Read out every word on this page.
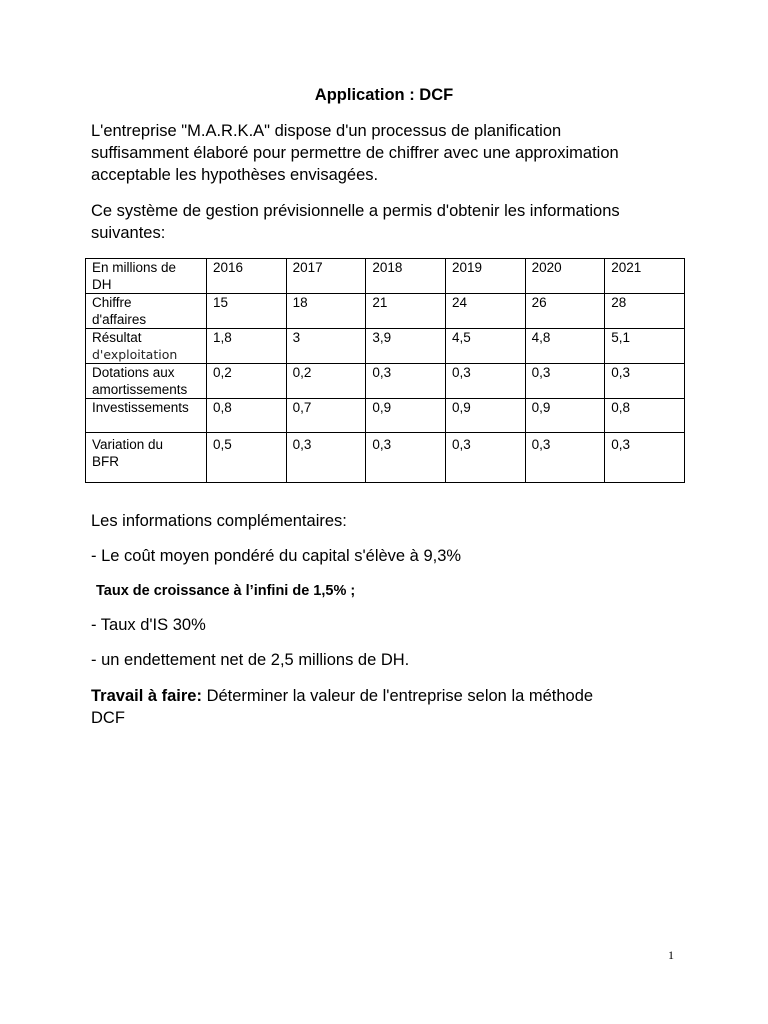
Application : DCF

L'entreprise "M.A.R.K.A" dispose d'un processus de planification
suffisamment élaboré pour permettre de chiffrer avec une approximation
acceptable les hypothèses envisagées.

Ce système de gestion prévisionnelle a permis d'obtenir les informations
suivantes:

En millions de
DH	2016	2017	2018	2019	2020	2021

Chiffre
d'affaires	15	18	21	24	26	28

Résultat
d'exploitation	1,8	3	3,9	4,5	4,8	5,1

Dotations aux
amortissements	0,2	0,2	0,3	0,3	0,3	0,3

Investissements	0,8	0,7	0,9	0,9	0,9	0,8

Variation du
BFR	0,5	0,3	0,3	0,3	0,3	0,3

Les informations complémentaires:

- Le coût moyen pondéré du capital s'élève à 9,3%

Taux de croissance à l’infini de 1,5% ;

- Taux d'IS 30%

- un endettement net de 2,5 millions de DH.

Travail à faire: Déterminer la valeur de l'entreprise selon la méthode
DCF

1
